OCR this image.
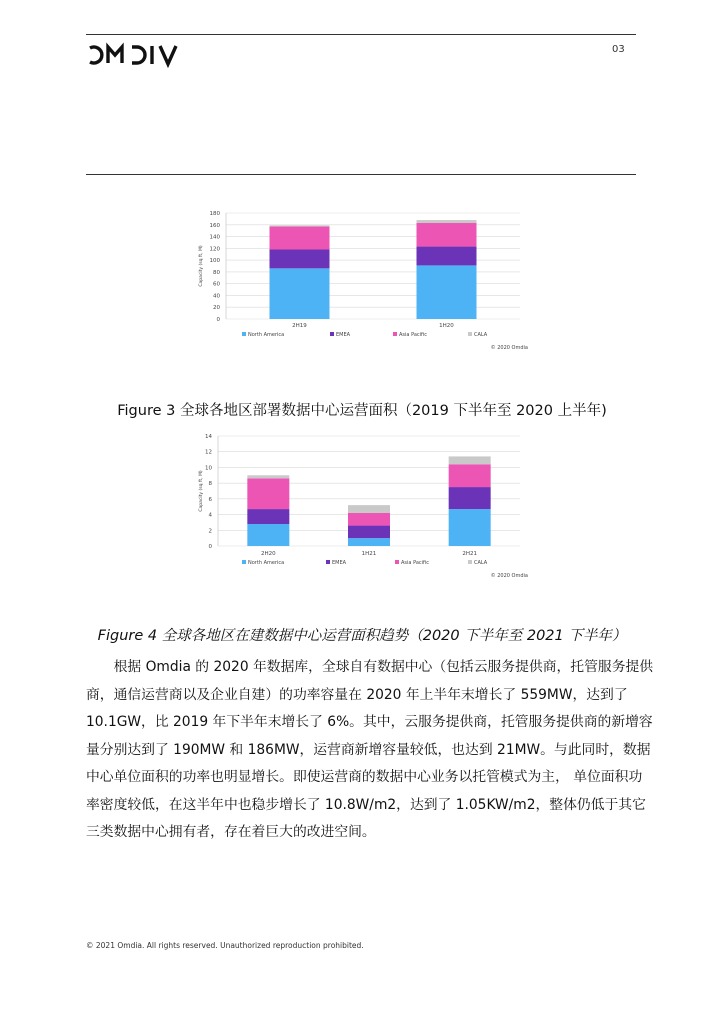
03
0
20
40
60
80
100
120
140
160
180
Capacity (sq ft, M)
2H19	1H20
North America	EMEA	Asia Pacific	CALA
© 2020 Omdia
Figure 3 全球各地区部署数据中心运营面积（2019 下半年至 2020 上半年)
0
2
4
6
8
10
12
14
Capacity (sq ft, M)
2H20	1H21	2H21
North America	EMEA	Asia Pacific	CALA
© 2020 Omdia
Figure 4 全球各地区在建数据中心运营面积趋势（2020 下半年至 2021 下半年）
　　根据 Omdia 的 2020 年数据库，全球自有数据中心（包括云服务提供商，托管服务提供
商，通信运营商以及企业自建）的功率容量在 2020 年上半年末增长了 559MW，达到了
10.1GW，比 2019 年下半年末增长了 6%。其中，云服务提供商，托管服务提供商的新增容
量分别达到了 190MW 和 186MW，运营商新增容量较低，也达到 21MW。与此同时，数据
中心单位面积的功率也明显增长。即使运营商的数据中心业务以托管模式为主， 单位面积功
率密度较低，在这半年中也稳步增长了 10.8W/m2，达到了 1.05KW/m2，整体仍低于其它
三类数据中心拥有者，存在着巨大的改进空间。
© 2021 Omdia. All rights reserved. Unauthorized reproduction prohibited.
